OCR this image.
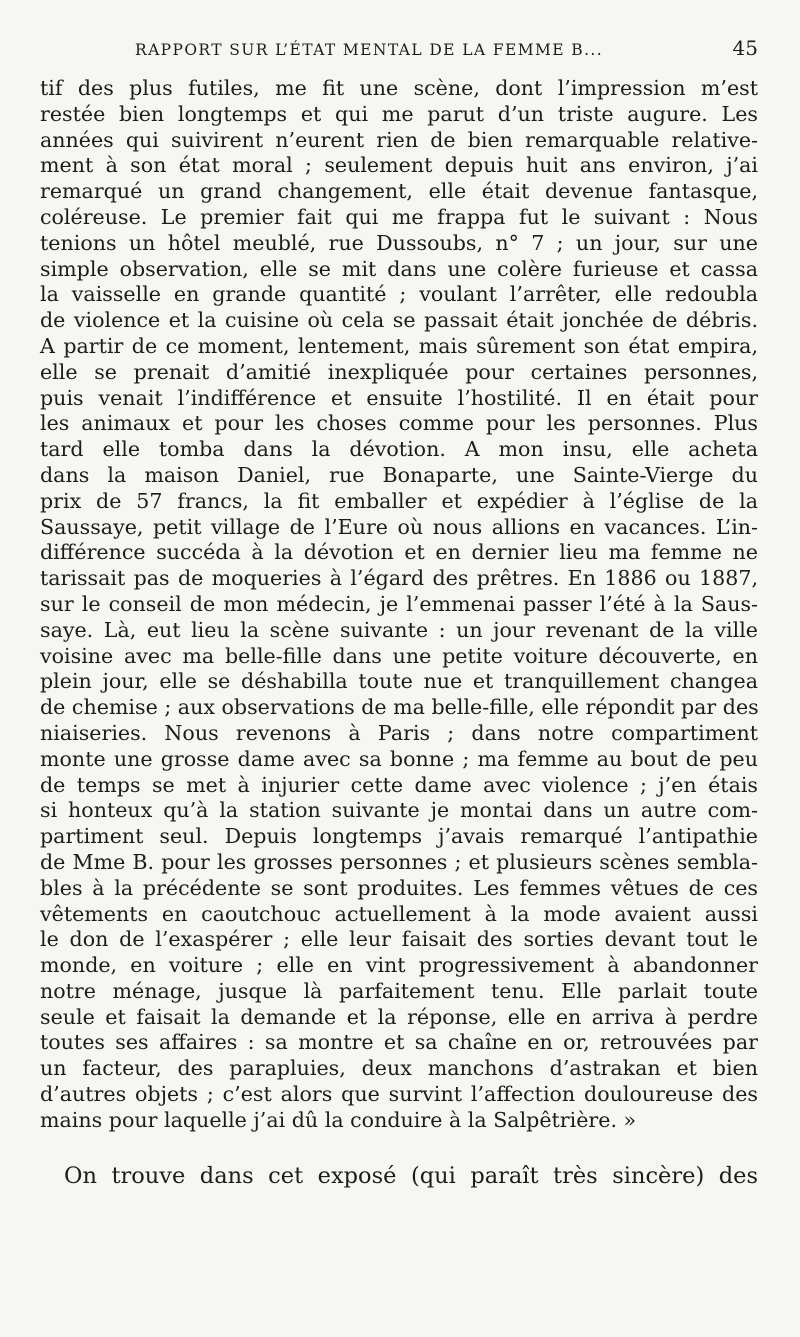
RAPPORT SUR L’ÉTAT MENTAL DE LA FEMME B...	45

tif des plus futiles, me fit une scène, dont l’impression m’est
restée bien longtemps et qui me parut d’un triste augure. Les
années qui suivirent n’eurent rien de bien remarquable relative-
ment à son état moral ; seulement depuis huit ans environ, j’ai
remarqué un grand changement, elle était devenue fantasque,
coléreuse. Le premier fait qui me frappa fut le suivant : Nous
tenions un hôtel meublé, rue Dussoubs, n° 7 ; un jour, sur une
simple observation, elle se mit dans une colère furieuse et cassa
la vaisselle en grande quantité ; voulant l’arrêter, elle redoubla
de violence et la cuisine où cela se passait était jonchée de débris.
A partir de ce moment, lentement, mais sûrement son état empira,
elle se prenait d’amitié inexpliquée pour certaines personnes,
puis venait l’indifférence et ensuite l’hostilité. Il en était pour
les animaux et pour les choses comme pour les personnes. Plus
tard elle tomba dans la dévotion. A mon insu, elle acheta
dans la maison Daniel, rue Bonaparte, une Sainte-Vierge du
prix de 57 francs, la fit emballer et expédier à l’église de la
Saussaye, petit village de l’Eure où nous allions en vacances. L’in-
différence succéda à la dévotion et en dernier lieu ma femme ne
tarissait pas de moqueries à l’égard des prêtres. En 1886 ou 1887,
sur le conseil de mon médecin, je l’emmenai passer l’été à la Saus-
saye. Là, eut lieu la scène suivante : un jour revenant de la ville
voisine avec ma belle-fille dans une petite voiture découverte, en
plein jour, elle se déshabilla toute nue et tranquillement changea
de chemise ; aux observations de ma belle-fille, elle répondit par des
niaiseries. Nous revenons à Paris ; dans notre compartiment
monte une grosse dame avec sa bonne ; ma femme au bout de peu
de temps se met à injurier cette dame avec violence ; j’en étais
si honteux qu’à la station suivante je montai dans un autre com-
partiment seul. Depuis longtemps j’avais remarqué l’antipathie
de Mme B. pour les grosses personnes ; et plusieurs scènes sembla-
bles à la précédente se sont produites. Les femmes vêtues de ces
vêtements en caoutchouc actuellement à la mode avaient aussi
le don de l’exaspérer ; elle leur faisait des sorties devant tout le
monde, en voiture ; elle en vint progressivement à abandonner
notre ménage, jusque là parfaitement tenu. Elle parlait toute
seule et faisait la demande et la réponse, elle en arriva à perdre
toutes ses affaires : sa montre et sa chaîne en or, retrouvées par
un facteur, des parapluies, deux manchons d’astrakan et bien
d’autres objets ; c’est alors que survint l’affection douloureuse des
mains pour laquelle j’ai dû la conduire à la Salpêtrière. »

On trouve dans cet exposé (qui paraît très sincère) des
